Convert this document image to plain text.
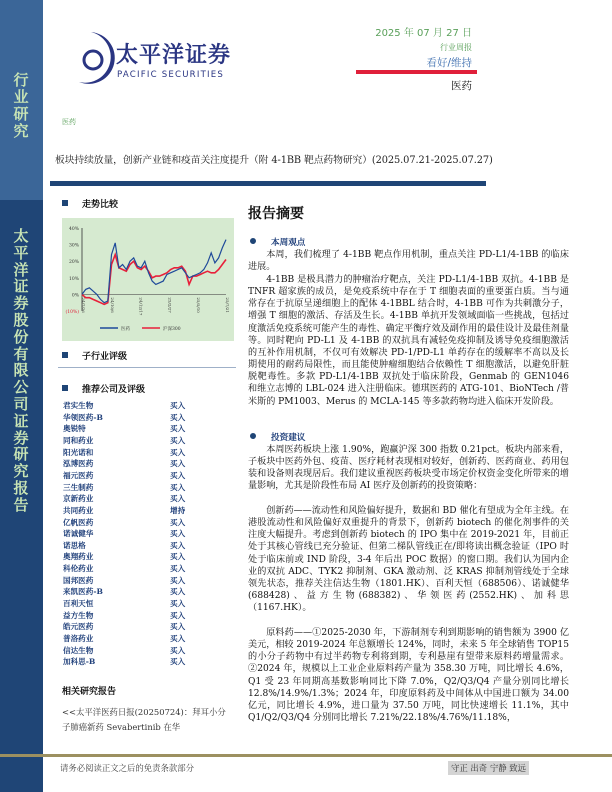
行业研究
太平洋证券股份有限公司证券研究报告
太平洋证券
PACIFIC SECURITIES
2025 年 07 月 27 日
行业周报
看好/维持
医药
医药
板块持续放量，创新产业链和疫苗关注度提升（附 4-1BB 靶点药物研究）(2025.07.21-2025.07.27)
走势比较
(10%)
0%
10%
20%
30%
40%
24/7/26	24/10/6	24/12/17	25/2/27	25/5/10	25/7/21
医药	沪深300
子行业评级
推荐公司及评级
君实生物	买入
华领医药-B	买入
奥锐特	买入
同和药业	买入
阳光诺和	买入
泓博医药	买入
福元医药	买入
三生制药	买入
京新药业	买入
共同药业	增持
亿帆医药	买入
诺诚健华	买入
诺思格	买入
奥翔药业	买入
科伦药业	买入
国邦医药	买入
来凯医药-B	买入
百利天恒	买入
益方生物	买入
皓元医药	买入
普洛药业	买入
信达生物	买入
加科思-B	买入
相关研究报告
<<太平洋医药日报(20250724)：拜耳小分子肺癌新药 Sevabertinib 在华
报告摘要
本周观点
本周，我们梳理了 4-1BB 靶点作用机制，重点关注 PD-L1/4-1BB 的临床进展。
4-1BB 是极具潜力的肿瘤治疗靶点，关注 PD-L1/4-1BB 双抗。4-1BB 是 TNFR 超家族的成员，是免疫系统中存在于 T 细胞表面的重要蛋白质。当与通常存在于抗原呈递细胞上的配体 4-1BBL 结合时，4-1BB 可作为共刺激分子，增强 T 细胞的激活、存活及生长。4-1BB 单抗开发领域面临一些挑战，包括过度激活免疫系统可能产生的毒性、确定平衡疗效及副作用的最佳设计及最佳剂量等。同时靶向 PD-L1 及 4-1BB 的双抗具有减轻免疫抑制及诱导免疫细胞激活的互补作用机制，不仅可有效解决 PD-1/PD-L1 单药存在的缓解率不高以及长期使用的耐药局限性，而且能使肿瘤细胞结合依赖性 T 细胞激活，以避免肝脏脱靶毒性。多款 PD-L1/4-1BB 双抗处于临床阶段，Genmab 的 GEN1046 和维立志博的 LBL-024 进入注册临床。德琪医药的 ATG-101、BioNTech /普米斯的 PM1003、Merus 的 MCLA-145 等多款药物均进入临床开发阶段。
投资建议
本周医药板块上涨 1.90%，跑赢沪深 300 指数 0.21pct。板块内部来看，子板块中医药外包、疫苗、医疗耗材表现相对较好，创新药、医药商业、药用包装和设备则表现居后。我们建议重视医药板块受市场定价权资金变化所带来的增量影响，尤其是阶段性布局 AI 医疗及创新药的投资策略：
创新药——流动性和风险偏好提升，数据和 BD 催化有望成为全年主线。在港股流动性和风险偏好双重提升的背景下，创新药 biotech 的催化剂事件的关注度大幅提升。考虑到创新药 biotech 的 IPO 集中在 2019-2021 年，目前正处于其核心管线已充分验证、但第二梯队管线正在/即将读出概念验证（IPO 时处于临床前或 IND 阶段，3-4 年后出 POC 数据）的窗口期。我们认为国内企业的双抗 ADC、TYK2 抑制剂、GKA 激动剂、泛 KRAS 抑制剂管线处于全球领先状态，推荐关注信达生物（1801.HK）、百利天恒（688506）、诺诚健华(688428)、益方生物(688382)、华领医药(2552.HK)、加科思（1167.HK）。
原料药——①2025-2030 年，下游制剂专利到期影响的销售额为 3900 亿美元，相较 2019-2024 年总额增长 124%，同时，未来 5 年全球销售 TOP15 的小分子药物中有过半药物专利将到期，专利悬崖有望带来原料药增量需求。②2024 年，规模以上工业企业原料药产量为 358.30 万吨，同比增长 4.6%，Q1 受 23 年同期高基数影响同比下降 7.0%，Q2/Q3/Q4 产量分别同比增长 12.8%/14.9%/1.3%；2024 年，印度原料药及中间体从中国进口额为 34.00 亿元，同比增长 4.9%，进口量为 37.50 万吨，同比快速增长 11.1%，其中 Q1/Q2/Q3/Q4 分别同比增长 7.21%/22.18%/4.76%/11.18%，
请务必阅读正文之后的免责条款部分	守正 出奇 宁静 致远
